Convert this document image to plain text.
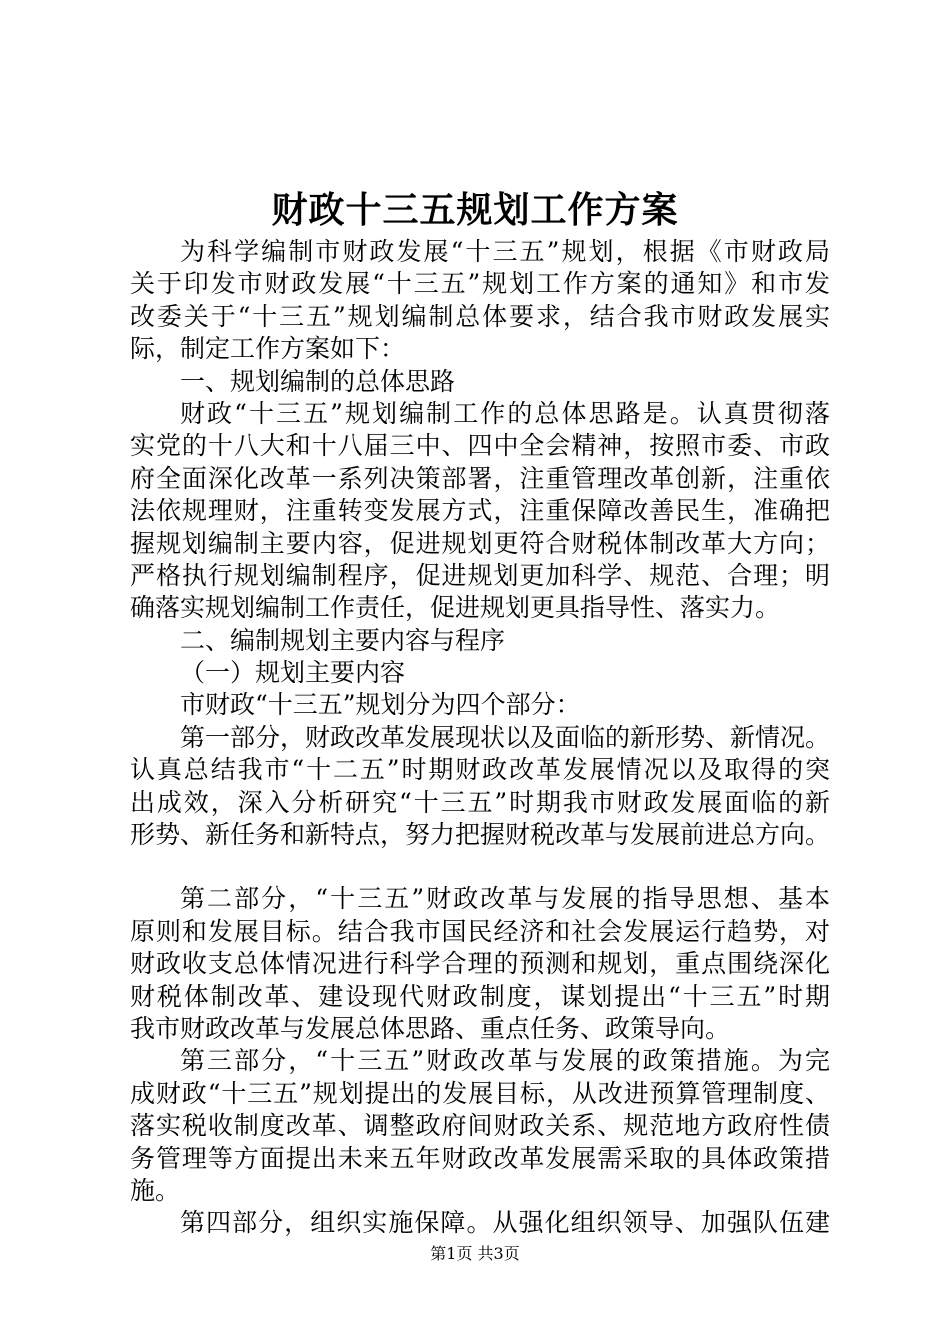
财政十三五规划工作方案
为科学编制市财政发展“十三五”规划，根据《市财政局
关于印发市财政发展“十三五”规划工作方案的通知》和市发
改委关于“十三五”规划编制总体要求，结合我市财政发展实
际，制定工作方案如下：
一、规划编制的总体思路
财政“十三五”规划编制工作的总体思路是。认真贯彻落
实党的十八大和十八届三中、四中全会精神，按照市委、市政
府全面深化改革一系列决策部署，注重管理改革创新，注重依
法依规理财，注重转变发展方式，注重保障改善民生，准确把
握规划编制主要内容，促进规划更符合财税体制改革大方向；
严格执行规划编制程序，促进规划更加科学、规范、合理；明
确落实规划编制工作责任，促进规划更具指导性、落实力。
二、编制规划主要内容与程序
（一）规划主要内容
市财政“十三五”规划分为四个部分：
第一部分，财政改革发展现状以及面临的新形势、新情况。
认真总结我市“十二五”时期财政改革发展情况以及取得的突
出成效，深入分析研究“十三五”时期我市财政发展面临的新
形势、新任务和新特点，努力把握财税改革与发展前进总方向。
第二部分，“十三五”财政改革与发展的指导思想、基本
原则和发展目标。结合我市国民经济和社会发展运行趋势，对
财政收支总体情况进行科学合理的预测和规划，重点围绕深化
财税体制改革、建设现代财政制度，谋划提出“十三五”时期
我市财政改革与发展总体思路、重点任务、政策导向。
第三部分，“十三五”财政改革与发展的政策措施。为完
成财政“十三五”规划提出的发展目标，从改进预算管理制度、
落实税收制度改革、调整政府间财政关系、规范地方政府性债
务管理等方面提出未来五年财政改革发展需采取的具体政策措
施。
第四部分，组织实施保障。从强化组织领导、加强队伍建
第1页 共3页
